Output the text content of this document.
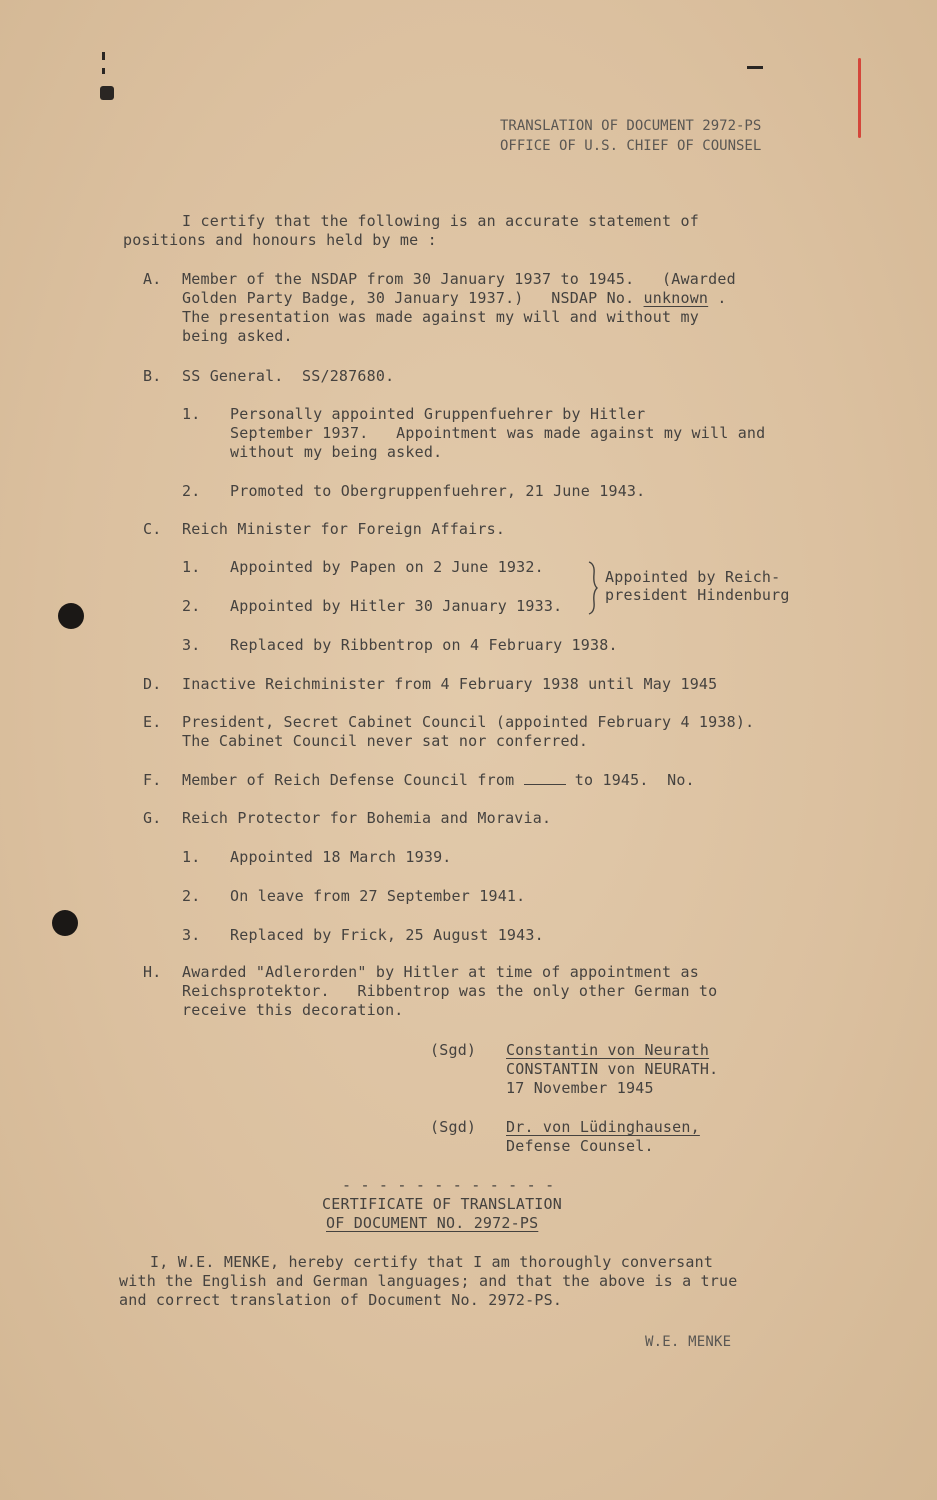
TRANSLATION OF DOCUMENT 2972-PS
OFFICE OF U.S. CHIEF OF COUNSEL
I certify that the following is an accurate statement of
positions and honours held by me :
A. Member of the NSDAP from 30 January 1937 to 1945.   (Awarded
Golden Party Badge, 30 January 1937.)   NSDAP No. unknown .
The presentation was made against my will and without my
being asked.
B. SS General.  SS/287680.
1. Personally appointed Gruppenfuehrer by Hitler
September 1937.   Appointment was made against my will and
without my being asked.
2. Promoted to Obergruppenfuehrer, 21 June 1943.
C. Reich Minister for Foreign Affairs.
1. Appointed by Papen on 2 June 1932.
2. Appointed by Hitler 30 January 1933.
Appointed by Reich-
president Hindenburg
3. Replaced by Ribbentrop on 4 February 1938.
D. Inactive Reichminister from 4 February 1938 until May 1945
E. President, Secret Cabinet Council (appointed February 4 1938).
The Cabinet Council never sat nor conferred.
F. Member of Reich Defense Council from	to 1945.  No.
G. Reich Protector for Bohemia and Moravia.
1. Appointed 18 March 1939.
2. On leave from 27 September 1941.
3. Replaced by Frick, 25 August 1943.
H. Awarded "Adlerorden" by Hitler at time of appointment as
Reichsprotektor.   Ribbentrop was the only other German to
receive this decoration.
(Sgd) Constantin von Neurath
CONSTANTIN von NEURATH.
17 November 1945
(Sgd) Dr. von Lüdinghausen,
Defense Counsel.
- - - - - - - - - - - -
CERTIFICATE OF TRANSLATION
OF DOCUMENT NO. 2972-PS
I, W.E. MENKE, hereby certify that I am thoroughly conversant
with the English and German languages; and that the above is a true
and correct translation of Document No. 2972-PS.
W.E. MENKE
